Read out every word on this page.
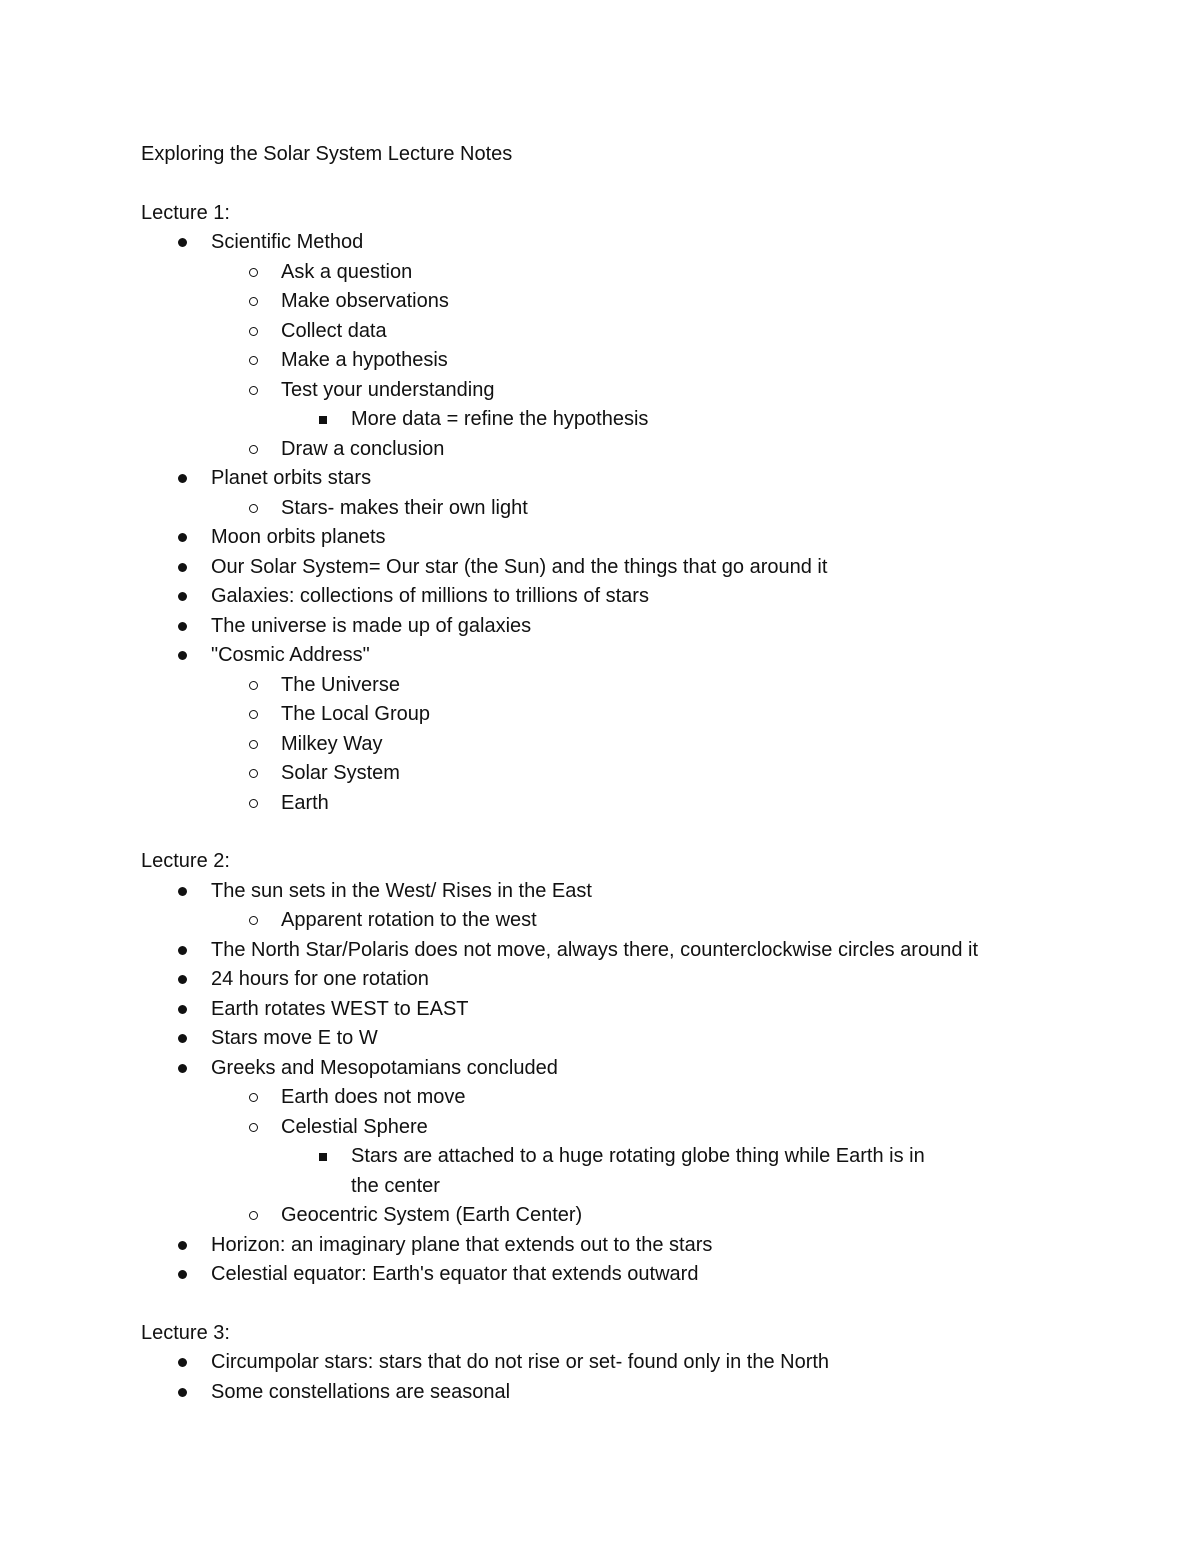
Exploring the Solar System Lecture Notes
Lecture 1:
Scientific Method
Ask a question
Make observations
Collect data
Make a hypothesis
Test your understanding
More data = refine the hypothesis
Draw a conclusion
Planet orbits stars
Stars- makes their own light
Moon orbits planets
Our Solar System= Our star (the Sun) and the things that go around it
Galaxies: collections of millions to trillions of stars
The universe is made up of galaxies
"Cosmic Address"
The Universe
The Local Group
Milkey Way
Solar System
Earth
Lecture 2:
The sun sets in the West/ Rises in the East
Apparent rotation to the west
The North Star/Polaris does not move, always there, counterclockwise circles around it
24 hours for one rotation
Earth rotates WEST to EAST
Stars move E to W
Greeks and Mesopotamians concluded
Earth does not move
Celestial Sphere
Stars are attached to a huge rotating globe thing while Earth is in the center
Geocentric System (Earth Center)
Horizon: an imaginary plane that extends out to the stars
Celestial equator: Earth's equator that extends outward
Lecture 3:
Circumpolar stars: stars that do not rise or set- found only in the North
Some constellations are seasonal
